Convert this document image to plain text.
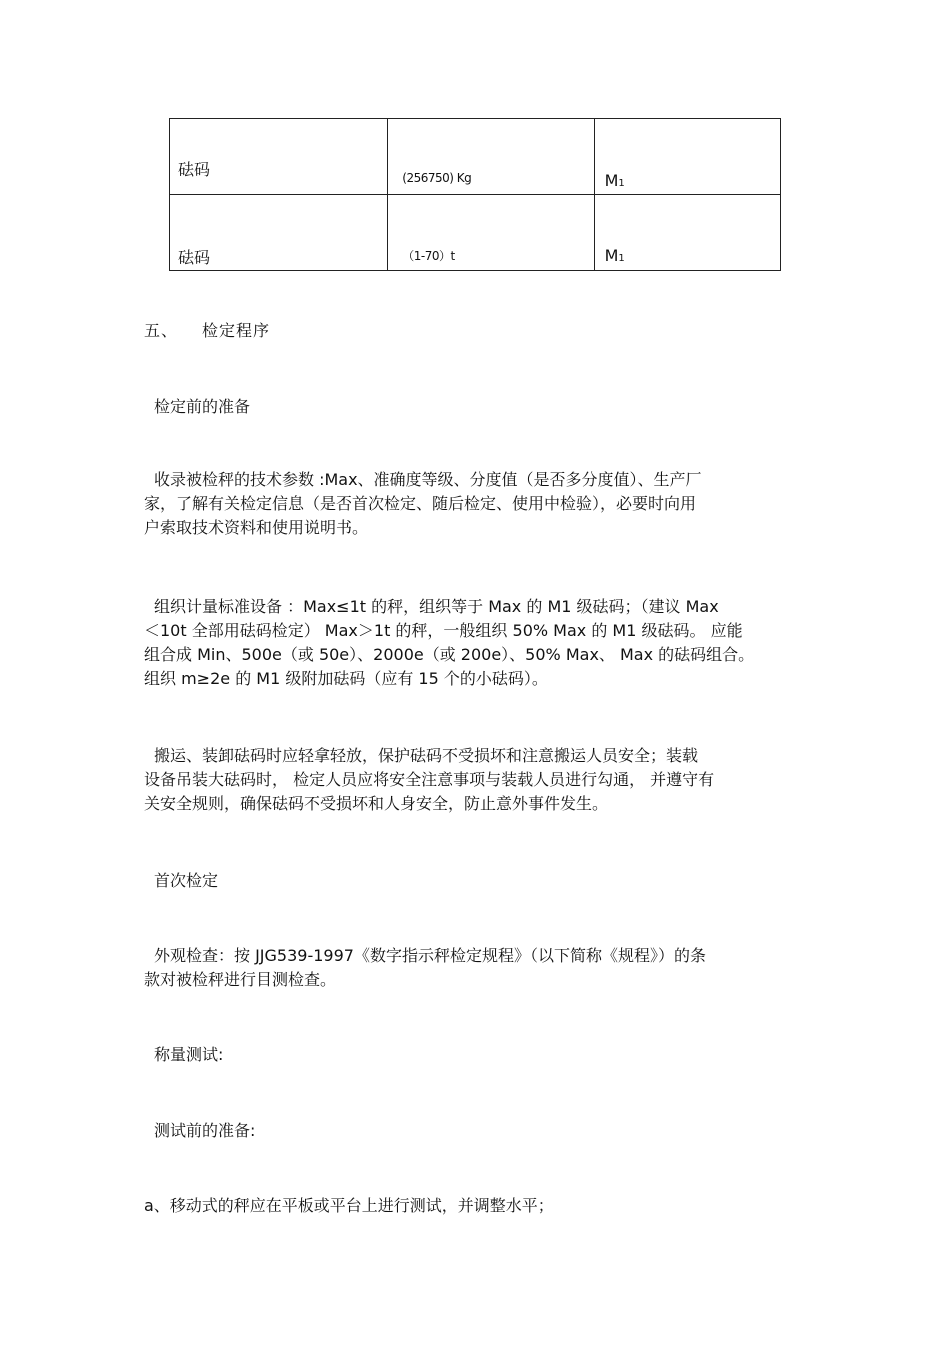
砝码	(256750) Kg	M1

砝码	（1-70）t	M1
五、 检定程序
检定前的准备
收录被检秤的技术参数 :Max、准确度等级、分度值（是否多分度值）、生产厂
家，了解有关检定信息（是否首次检定、随后检定、使用中检验），必要时向用
户索取技术资料和使用说明书。
组织计量标准设备 ：Max≤1t 的秤，组织等于 Max 的 M1 级砝码；（建议 Max
＜10t 全部用砝码检定） Max＞1t 的秤，一般组织 50% Max 的 M1 级砝码。 应能
组合成 Min、500e（或 50e）、2000e（或 200e）、50% Max、 Max 的砝码组合。
组织 m≥2e 的 M1 级附加砝码（应有 15 个的小砝码）。
搬运、装卸砝码时应轻拿轻放，保护砝码不受损坏和注意搬运人员安全；装载
设备吊装大砝码时， 检定人员应将安全注意事项与装载人员进行勾通， 并遵守有
关安全规则，确保砝码不受损坏和人身安全，防止意外事件发生。
首次检定
外观检查：按 JJG539-1997《数字指示秤检定规程》（以下简称《规程》）的条
款对被检秤进行目测检查。
称量测试:
测试前的准备:
a、移动式的秤应在平板或平台上进行测试，并调整水平；
